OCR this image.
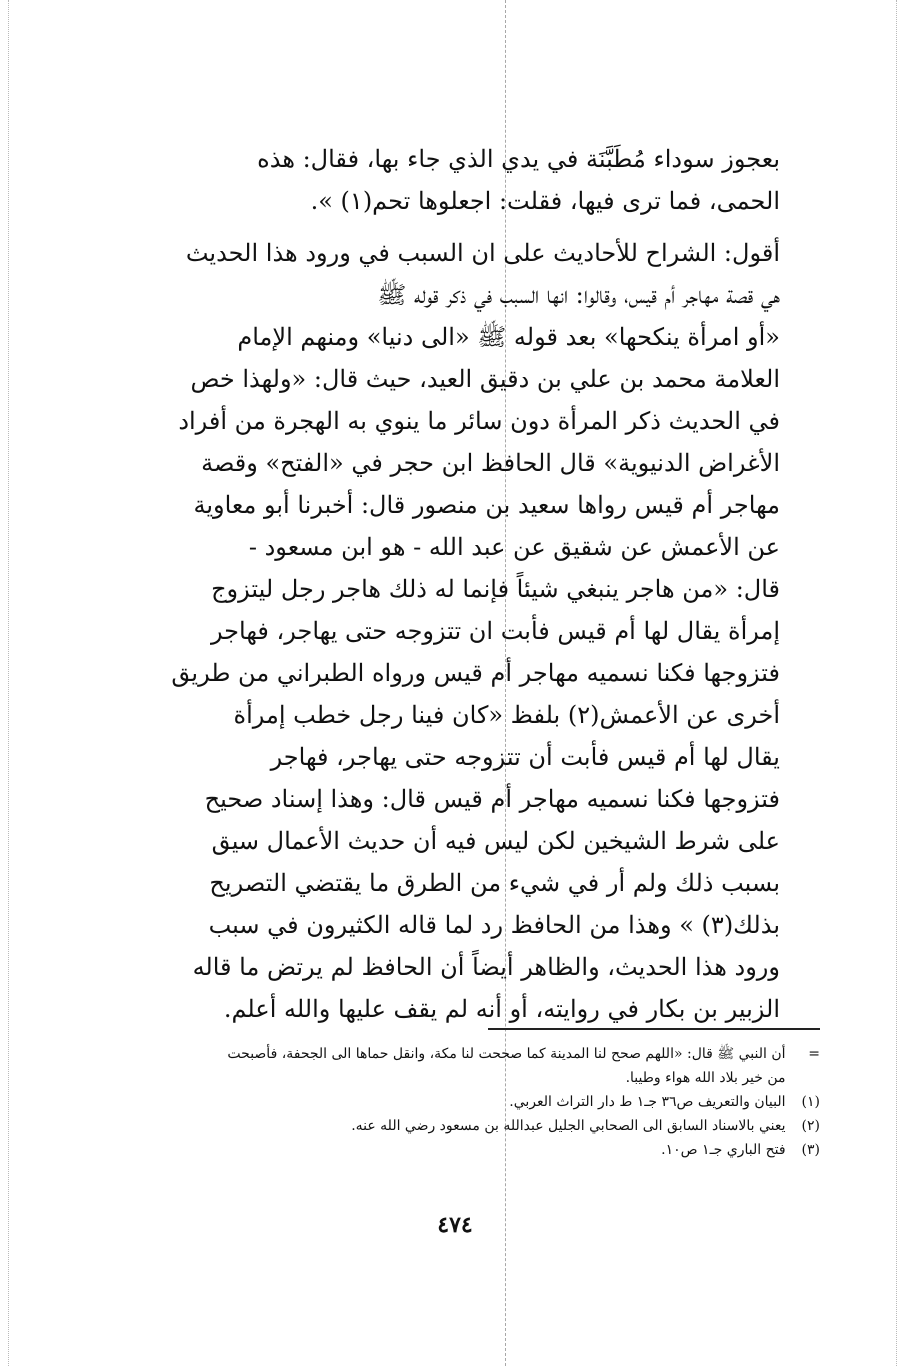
بعجوز سوداء مُطَبَّنَة في يدي الذي جاء بها، فقال: هذه
الحمى، فما ترى فيها، فقلت: اجعلوها تحم(١) ».
أقول: الشراح للأحاديث على ان السبب في ورود هذا الحديث
هي قصة مهاجر أم قيس، وقالوا: انها السبب في ذكر قوله ﷺ
«أو امرأة ينكحها» بعد قوله ﷺ «الى دنيا» ومنهم الإمام
العلامة محمد بن علي بن دقيق العيد، حيث قال: «ولهذا خص
في الحديث ذكر المرأة دون سائر ما ينوي به الهجرة من أفراد
الأغراض الدنيوية» قال الحافظ ابن حجر في «الفتح» وقصة
مهاجر أم قيس رواها سعيد بن منصور قال: أخبرنا أبو معاوية
عن الأعمش عن شقيق عن عبد الله - هو ابن مسعود -
قال: «من هاجر ينبغي شيئاً فإنما له ذلك هاجر رجل ليتزوج
إمرأة يقال لها أم قيس فأبت ان تتزوجه حتى يهاجر، فهاجر
فتزوجها فكنا نسميه مهاجر أم قيس ورواه الطبراني من طريق
أخرى عن الأعمش(٢) بلفظ «كان فينا رجل خطب إمرأة
يقال لها أم قيس فأبت أن تتزوجه حتى يهاجر، فهاجر
فتزوجها فكنا نسميه مهاجر أم قيس قال: وهذا إسناد صحيح
على شرط الشيخين لكن ليس فيه أن حديث الأعمال سيق
بسبب ذلك ولم أر في شيء من الطرق ما يقتضي التصريح
بذلك(٣) » وهذا من الحافظ رد لما قاله الكثيرون في سبب
ورود هذا الحديث، والظاهر أيضاً أن الحافظ لم يرتض ما قاله
الزبير بن بكار في روايته، أو أنه لم يقف عليها والله أعلم.
= أن النبي ﷺ قال: «اللهم صحح لنا المدينة كما صححت لنا مكة، وانقل حماها الى الجحفة، فأصبحت
من خير بلاد الله هواء وطيبا.
(١) البيان والتعريف ص٣٦ جـ١ ط دار التراث العربي.
(٢) يعني بالاسناد السابق الى الصحابي الجليل عبدالله بن مسعود رضي الله عنه.
(٣) فتح الباري جـ١ ص١٠.
٤٧٤
